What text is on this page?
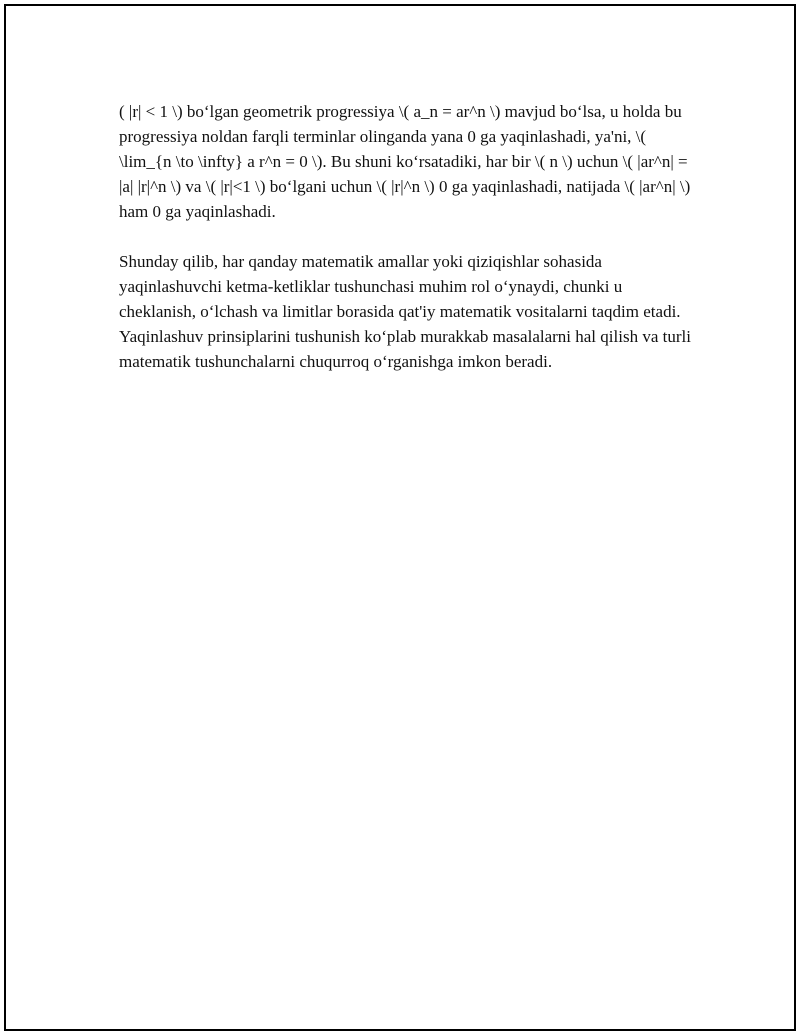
( |r| < 1 \) bo‘lgan geometrik progressiya \( a_n = ar^n \) mavjud bo‘lsa, u holda bu progressiya noldan farqli terminlar olinganda yana 0 ga yaqinlashadi, ya'ni, \( \lim_{n \to \infty} a r^n = 0 \). Bu shuni ko‘rsatadiki, har bir \( n \) uchun \( |ar^n| = |a| |r|^n \) va \( |r|<1 \) bo‘lgani uchun \( |r|^n \) 0 ga yaqinlashadi, natijada \( |ar^n| \) ham 0 ga yaqinlashadi.

Shunday qilib, har qanday matematik amallar yoki qiziqishlar sohasida yaqinlashuvchi ketma-ketliklar tushunchasi muhim rol o‘ynaydi, chunki u cheklanish, o‘lchash va limitlar borasida qat'iy matematik vositalarni taqdim etadi. Yaqinlashuv prinsiplarini tushunish ko‘plab murakkab masalalarni hal qilish va turli matematik tushunchalarni chuqurroq o‘rganishga imkon beradi.
